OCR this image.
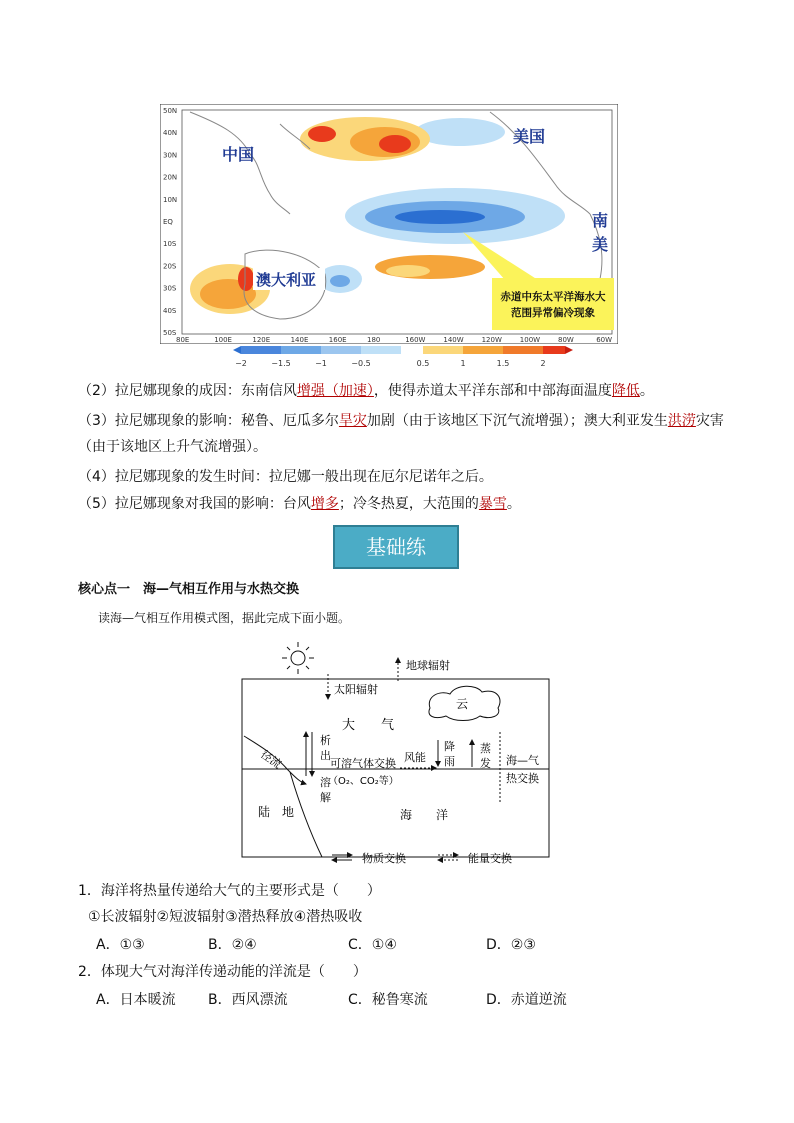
赤道中东太平洋海水大
范围异常偏冷现象
中国
美国
南
美
澳大利亚
50N
40N
30N
20N
10N
EQ
10S
20S
30S
40S
50S
80E	100E	120E	140E	160E	180	160W	140W	120W	100W	80W	60W
−2	−1.5	−1	−0.5	0.5	1	1.5	2
（2）拉尼娜现象的成因：东南信风增强（加速），使得赤道太平洋东部和中部海面温度降低。
（3）拉尼娜现象的影响：秘鲁、厄瓜多尔旱灾加剧（由于该地区下沉气流增强）；澳大利亚发生洪涝灾害
（由于该地区上升气流增强）。
（4）拉尼娜现象的发生时间：拉尼娜一般出现在厄尔尼诺年之后。
（5）拉尼娜现象对我国的影响：台风增多；冷冬热夏，大范围的暴雪。
基础练
核心点一　海—气相互作用与水热交换
读海—气相互作用模式图，据此完成下面小题。
地球辐射
太阳辐射
云
大　　气
径流
析
出
溶
解
可溶气体交换
（O₂、CO₂等）
风能
降
雨
蒸
发 海—气
热交换
陆　地	海　　洋
物质交换	能量交换
1．海洋将热量传递给大气的主要形式是（　　）
①长波辐射②短波辐射③潜热释放④潜热吸收
A．①③	B．②④	C．①④	D．②③
2．体现大气对海洋传递动能的洋流是（　　）
A．日本暖流 B．西风漂流	C．秘鲁寒流	D．赤道逆流
